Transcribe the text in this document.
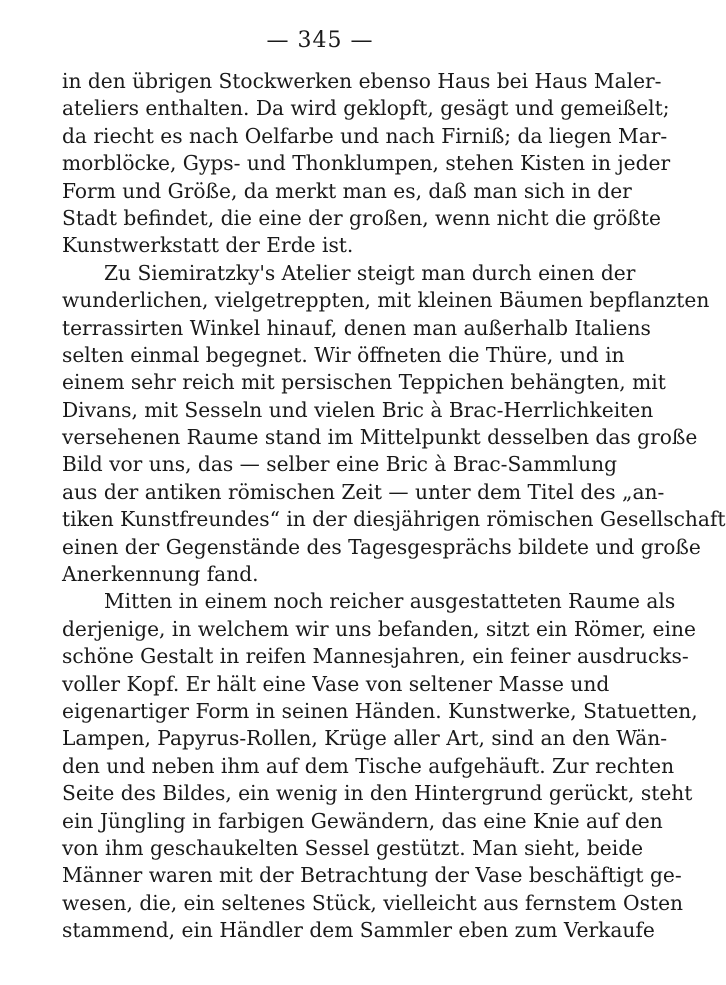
— 345 —
in den übrigen Stockwerken ebenso Haus bei Haus Maler-
ateliers enthalten. Da wird geklopft, gesägt und gemeißelt;
da riecht es nach Oelfarbe und nach Firniß; da liegen Mar-
morblöcke, Gyps- und Thonklumpen, stehen Kisten in jeder
Form und Größe, da merkt man es, daß man sich in der
Stadt befindet, die eine der großen, wenn nicht die größte
Kunstwerkstatt der Erde ist.
Zu Siemiratzky's Atelier steigt man durch einen der
wunderlichen, vielgetreppten, mit kleinen Bäumen bepflanzten
terrassirten Winkel hinauf, denen man außerhalb Italiens
selten einmal begegnet. Wir öffneten die Thüre, und in
einem sehr reich mit persischen Teppichen behängten, mit
Divans, mit Sesseln und vielen Bric à Brac-Herrlichkeiten
versehenen Raume stand im Mittelpunkt desselben das große
Bild vor uns, das — selber eine Bric à Brac-Sammlung
aus der antiken römischen Zeit — unter dem Titel des „an-
tiken Kunstfreundes“ in der diesjährigen römischen Gesellschaft
einen der Gegenstände des Tagesgesprächs bildete und große
Anerkennung fand.
Mitten in einem noch reicher ausgestatteten Raume als
derjenige, in welchem wir uns befanden, sitzt ein Römer, eine
schöne Gestalt in reifen Mannesjahren, ein feiner ausdrucks-
voller Kopf. Er hält eine Vase von seltener Masse und
eigenartiger Form in seinen Händen. Kunstwerke, Statuetten,
Lampen, Papyrus-Rollen, Krüge aller Art, sind an den Wän-
den und neben ihm auf dem Tische aufgehäuft. Zur rechten
Seite des Bildes, ein wenig in den Hintergrund gerückt, steht
ein Jüngling in farbigen Gewändern, das eine Knie auf den
von ihm geschaukelten Sessel gestützt. Man sieht, beide
Männer waren mit der Betrachtung der Vase beschäftigt ge-
wesen, die, ein seltenes Stück, vielleicht aus fernstem Osten
stammend, ein Händler dem Sammler eben zum Verkaufe
